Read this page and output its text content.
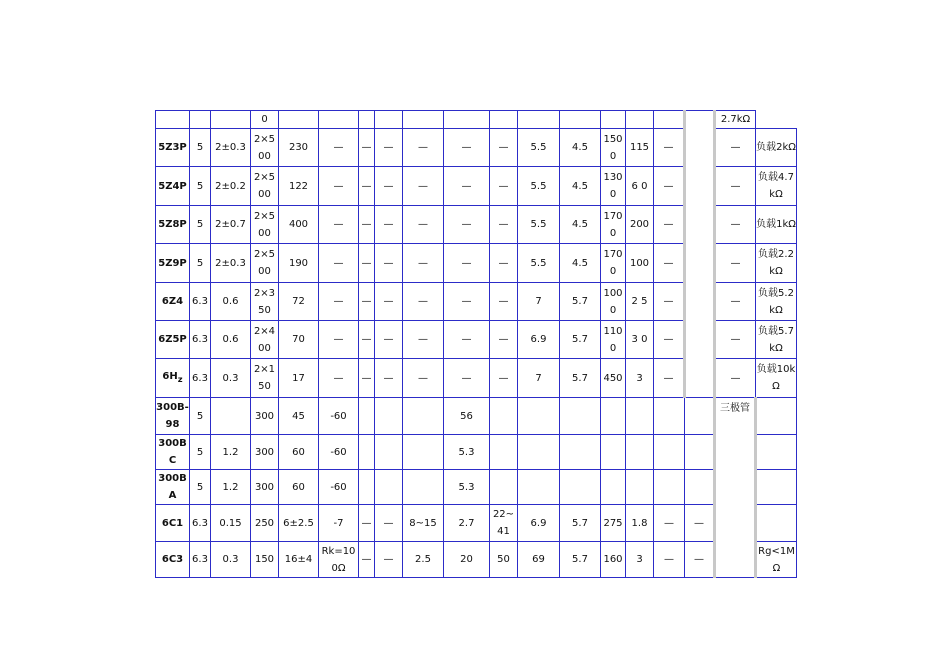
			0														2.7kΩ	
5Z3P	5	2±0.3	2×500	230	—	—	—	—	—	—	5.5	4.5	1500	115	—		—	负载2kΩ
5Z4P	5	2±0.2	2×500	122	—	—	—	—	—	—	5.5	4.5	1300	6 0	—		—	负载4.7kΩ
5Z8P	5	2±0.7	2×500	400	—	—	—	—	—	—	5.5	4.5	1700	200	—		—	负载1kΩ
5Z9P	5	2±0.3	2×500	190	—	—	—	—	—	—	5.5	4.5	1700	100	—		—	负载2.2kΩ
6Z4	6.3	0.6	2×350	72	—	—	—	—	—	—	7	5.7	1000	2 5	—		—	负载5.2kΩ
6Z5P	6.3	0.6	2×400	70	—	—	—	—	—	—	6.9	5.7	1100	3 0	—		—	负载5.7kΩ
$6H_z$	6.3	0.3	2×150	17	—	—	—	—	—	—	7	5.7	450	3	—		—	负载10kΩ
300B-98	5		300	45	-60				56								三极管	
300BC	5	1.2	300	60	-60				5.3									
300BA	5	1.2	300	60	-60				5.3									
6C1	6.3	0.15	250	6±2.5	-7	—	—	8~15	2.7	22~41	6.9	5.7	275	1.8	—	—		
6C3	6.3	0.3	150	16±4	Rk=100Ω	—	—	2.5	20	50	69	5.7	160	3	—	—		Rg<1MΩ
